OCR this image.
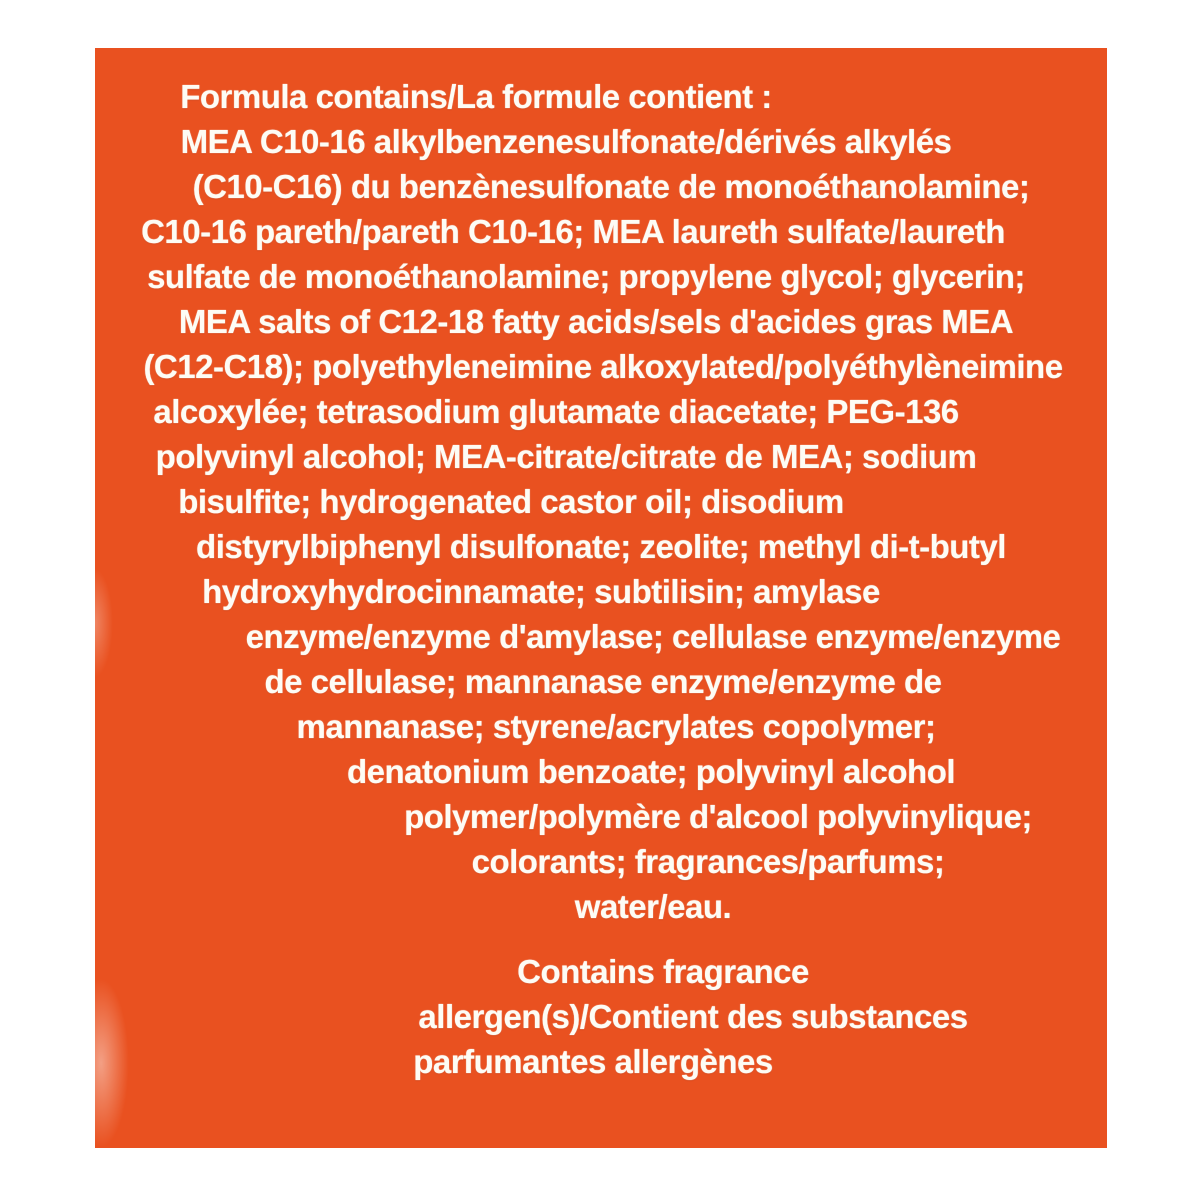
Formula contains/La formule contient :
MEA C10-16 alkylbenzenesulfonate/dérivés alkylés
(C10-C16) du benzènesulfonate de monoéthanolamine;
C10-16 pareth/pareth C10-16; MEA laureth sulfate/laureth
sulfate de monoéthanolamine; propylene glycol; glycerin;
MEA salts of C12-18 fatty acids/sels d'acides gras MEA
(C12-C18); polyethyleneimine alkoxylated/polyéthylèneimine
alcoxylée; tetrasodium glutamate diacetate; PEG-136
polyvinyl alcohol; MEA-citrate/citrate de MEA; sodium
bisulfite; hydrogenated castor oil; disodium
distyrylbiphenyl disulfonate; zeolite; methyl di-t-butyl
hydroxyhydrocinnamate; subtilisin; amylase
enzyme/enzyme d'amylase; cellulase enzyme/enzyme
de cellulase; mannanase enzyme/enzyme de
mannanase; styrene/acrylates copolymer;
denatonium benzoate; polyvinyl alcohol
polymer/polymère d'alcool polyvinylique;
colorants; fragrances/parfums;
water/eau.
Contains fragrance
allergen(s)/Contient des substances
parfumantes allergènes
